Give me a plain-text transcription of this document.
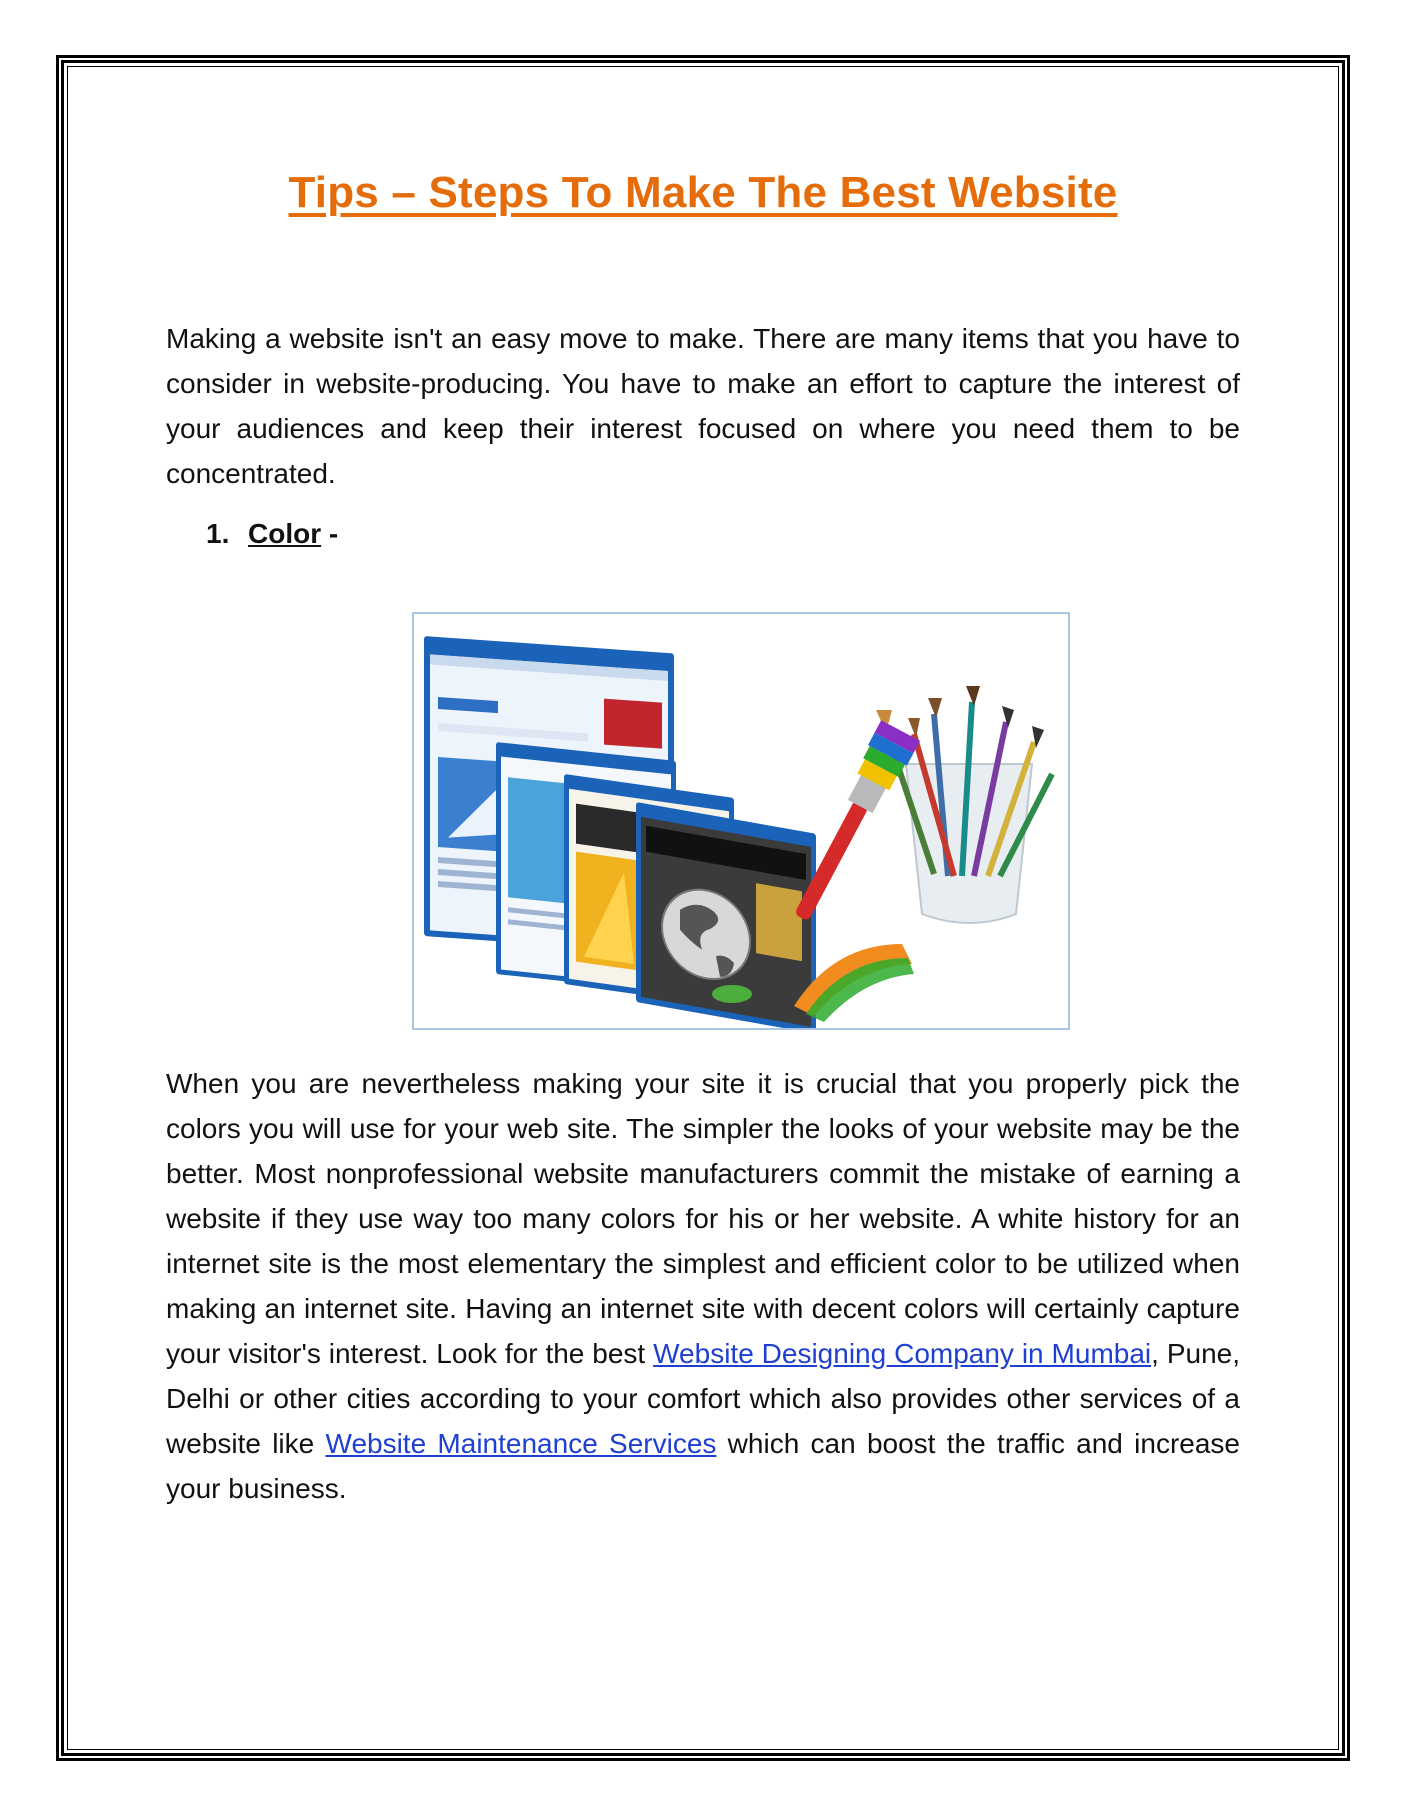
Tips – Steps To Make The Best Website

Making a website isn't an easy move to make. There are many items that you have to consider in website-producing. You have to make an effort to capture the interest of your audiences and keep their interest focused on where you need them to be concentrated.

1. Color -

When you are nevertheless making your site it is crucial that you properly pick the colors you will use for your web site. The simpler the looks of your website may be the better. Most nonprofessional website manufacturers commit the mistake of earning a website if they use way too many colors for his or her website. A white history for an internet site is the most elementary the simplest and efficient color to be utilized when making an internet site. Having an internet site with decent colors will certainly capture your visitor's interest. Look for the best Website Designing Company in Mumbai, Pune, Delhi or other cities according to your comfort which also provides other services of a website like Website Maintenance Services which can boost the traffic and increase your business.
